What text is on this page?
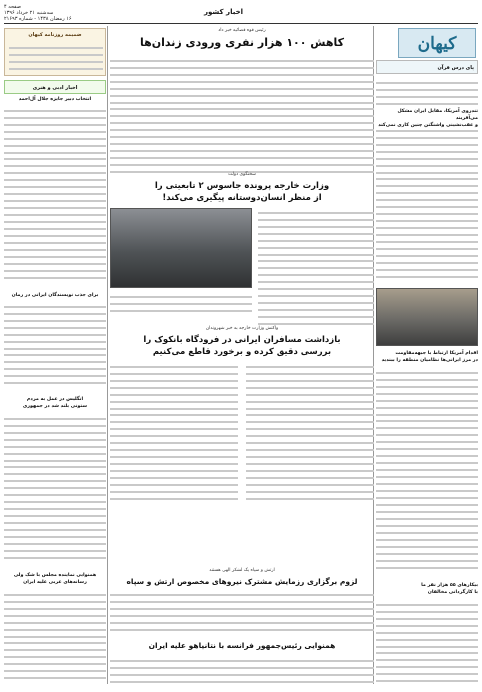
صفحه ۴
سه‌شنبه ۲۱ خرداد ۱۳۹۶
۱۶ رمضان ۱۴۳۸ - شماره ۲۱۶۹۳
اخبار کشور
کیهان
پای درس قرآن
تندروی آمریکا، مقابل ایران مشکل می‌آفریند
و عقب‌نشینی واشنگتن چنین کاری نمی‌کند
اقدام آمریکا ارتباط با جبهه‌مقاومت
در مرز ایرانی‌ها نظامیان منطقه را ببندید
بیکارهای ۵۵ هزار نفر ما
با کارگردانی مخالفان
رئیس قوه قضائیه خبر داد
کاهش ۱۰۰ هزار نفری ورودی زندان‌ها
سخنگوی دولت
وزارت خارجه پرونده جاسوس ۲ تابعیتی را
از منظر انسان‌دوستانه پیگیری می‌کند!
واکنش وزارت خارجه به خبر شهروندان
بازداشت مسافران ایرانی در فرودگاه بانکوک را
بررسی دقیق کرده و برخورد قاطع می‌کنیم
ارتش و سپاه یک لشکر الهی هستند
لزوم برگزاری رزمایش مشترک نیروهای مخصوص ارتش و سپاه
همنوایی رئیس‌جمهور فرانسه با نتانیاهو علیه ایران
ضمیمه روزنامه کیهان
اخبار ادبی و هنری
انتخاب دبیر جایزه جلال آل‌احمد
برای جذب نویسندگان ایرانی در رمان
انگلیس در عمل به مردم
ستونی بلند شد در جمهوری
همنوایی نماینده مجلس با شک ولی
رسانه‌های عربی علیه ایران
